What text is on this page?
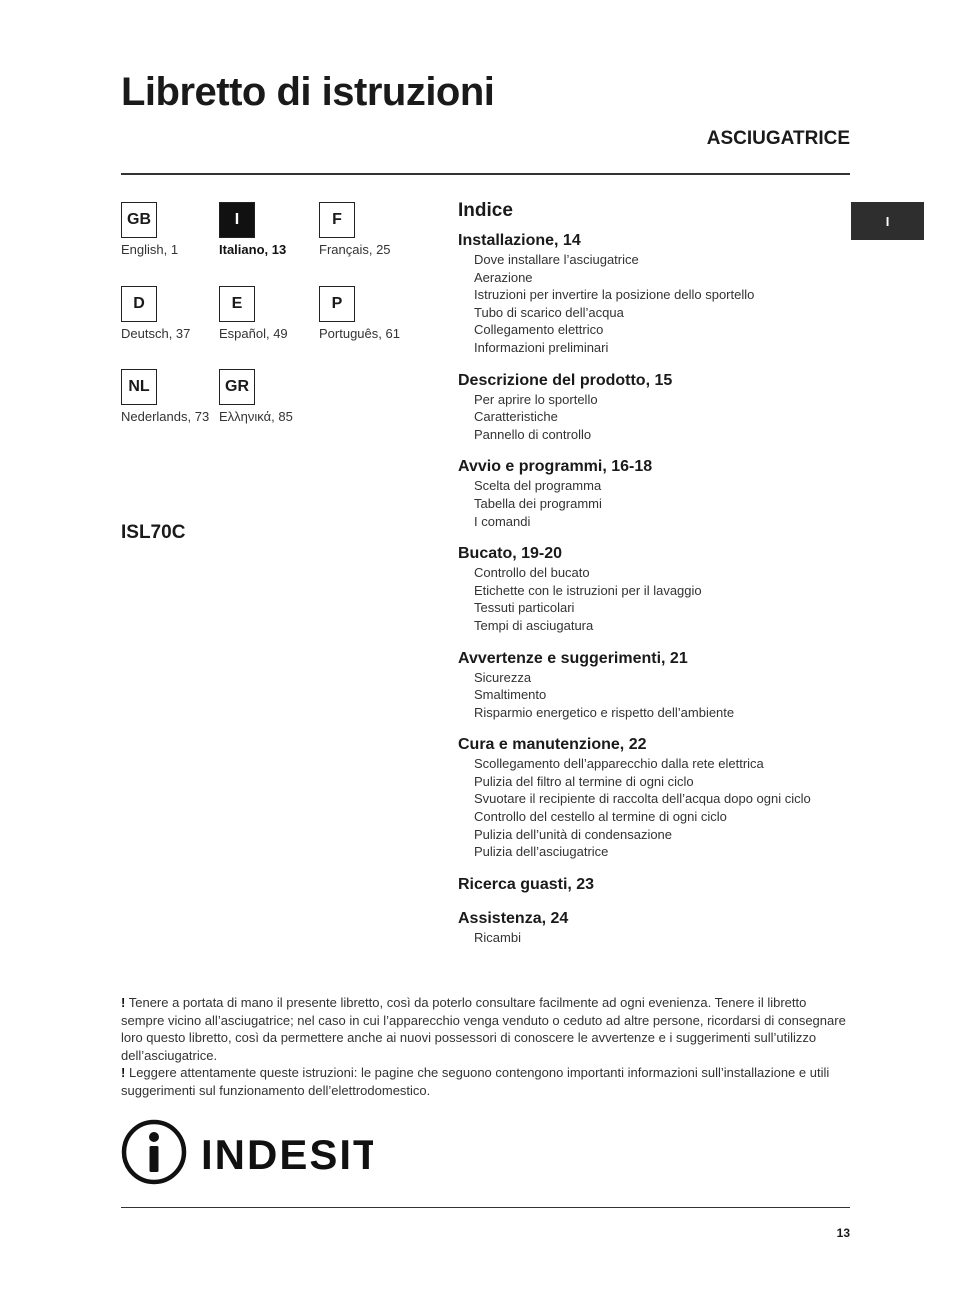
Libretto di istruzioni
ASCIUGATRICE
GB
English, 1
I
Italiano, 13
F
Français, 25
D
Deutsch, 37
E
Español, 49
P
Português, 61
NL
Nederlands, 73
GR
Ελληνικά, 85
ISL70C
I
Indice
Installazione, 14
Dove installare l’asciugatrice
Aerazione
Istruzioni per invertire la posizione dello sportello
Tubo di scarico dell’acqua
Collegamento elettrico
Informazioni preliminari
Descrizione del prodotto, 15
Per aprire lo sportello
Caratteristiche
Pannello di controllo
Avvio e programmi, 16-18
Scelta del programma
Tabella dei programmi
I comandi
Bucato, 19-20
Controllo del bucato
Etichette con le istruzioni per il lavaggio
Tessuti particolari
Tempi di asciugatura
Avvertenze e suggerimenti, 21
Sicurezza
Smaltimento
Risparmio energetico e rispetto dell’ambiente
Cura e manutenzione, 22
Scollegamento dell’apparecchio dalla rete elettrica
Pulizia del filtro al termine di ogni ciclo
Svuotare il recipiente di raccolta dell’acqua dopo ogni ciclo
Controllo del cestello al termine di ogni ciclo
Pulizia dell’unità di condensazione
Pulizia dell’asciugatrice
Ricerca guasti, 23
Assistenza, 24
Ricambi

! Tenere a portata di mano il presente libretto, così da poterlo consultare facilmente ad ogni evenienza. Tenere il libretto sempre vicino all’asciugatrice; nel caso in cui l’apparecchio venga venduto o ceduto ad altre persone, ricordarsi di consegnare loro questo libretto, così da permettere anche ai nuovi possessori di conoscere le avvertenze e i suggerimenti sull’utilizzo dell’asciugatrice.

! Leggere attentamente queste istruzioni: le pagine che seguono contengono importanti informazioni sull’installazione e utili suggerimenti sul funzionamento dell’elettrodomestico.

INDESIT
13
